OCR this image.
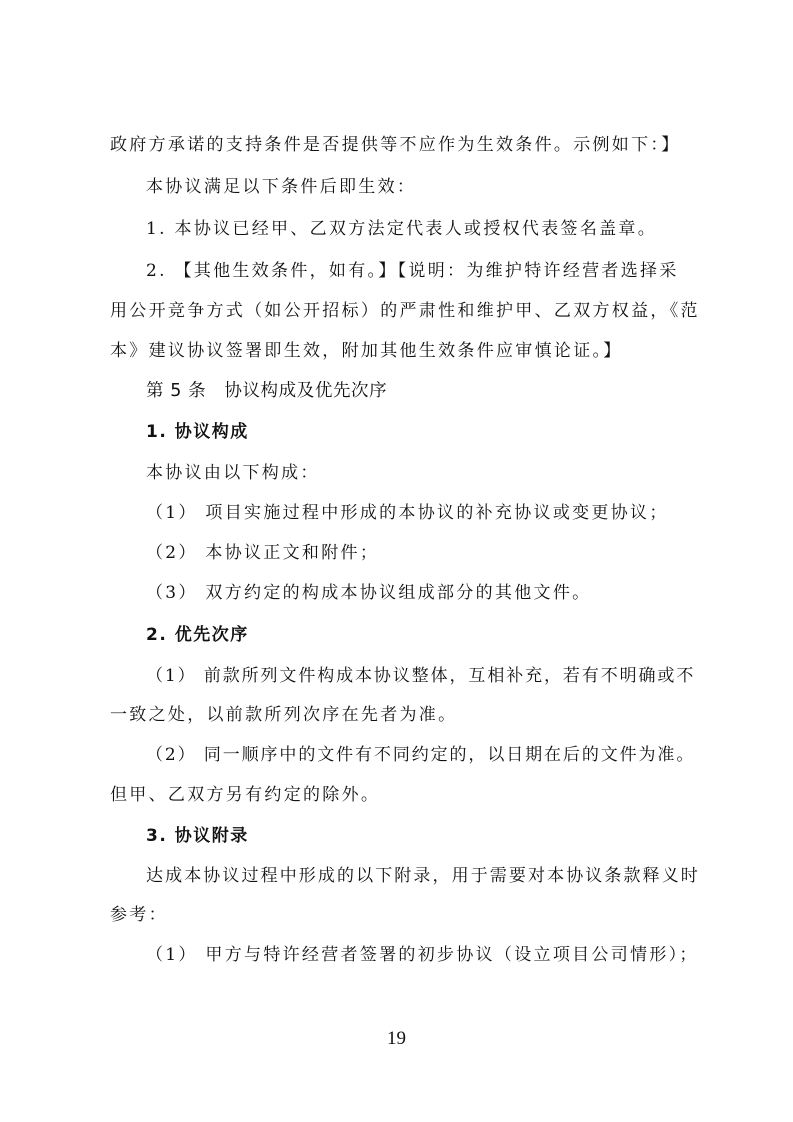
政府方承诺的支持条件是否提供等不应作为生效条件。示例如下：】
本协议满足以下条件后即生效：
1. 本协议已经甲、乙双方法定代表人或授权代表签名盖章。
2. 【其他生效条件，如有。】【说明：为维护特许经营者选择采
用公开竞争方式（如公开招标）的严肃性和维护甲、乙双方权益，《范
本》建议协议签署即生效，附加其他生效条件应审慎论证。】
第 5 条　协议构成及优先次序
1. 协议构成
本协议由以下构成：
（1） 项目实施过程中形成的本协议的补充协议或变更协议；
（2） 本协议正文和附件；
（3） 双方约定的构成本协议组成部分的其他文件。
2. 优先次序
（1） 前款所列文件构成本协议整体，互相补充，若有不明确或不
一致之处，以前款所列次序在先者为准。
（2） 同一顺序中的文件有不同约定的，以日期在后的文件为准。
但甲、乙双方另有约定的除外。
3. 协议附录
达成本协议过程中形成的以下附录，用于需要对本协议条款释义时
参考：
（1） 甲方与特许经营者签署的初步协议（设立项目公司情形）；
19
